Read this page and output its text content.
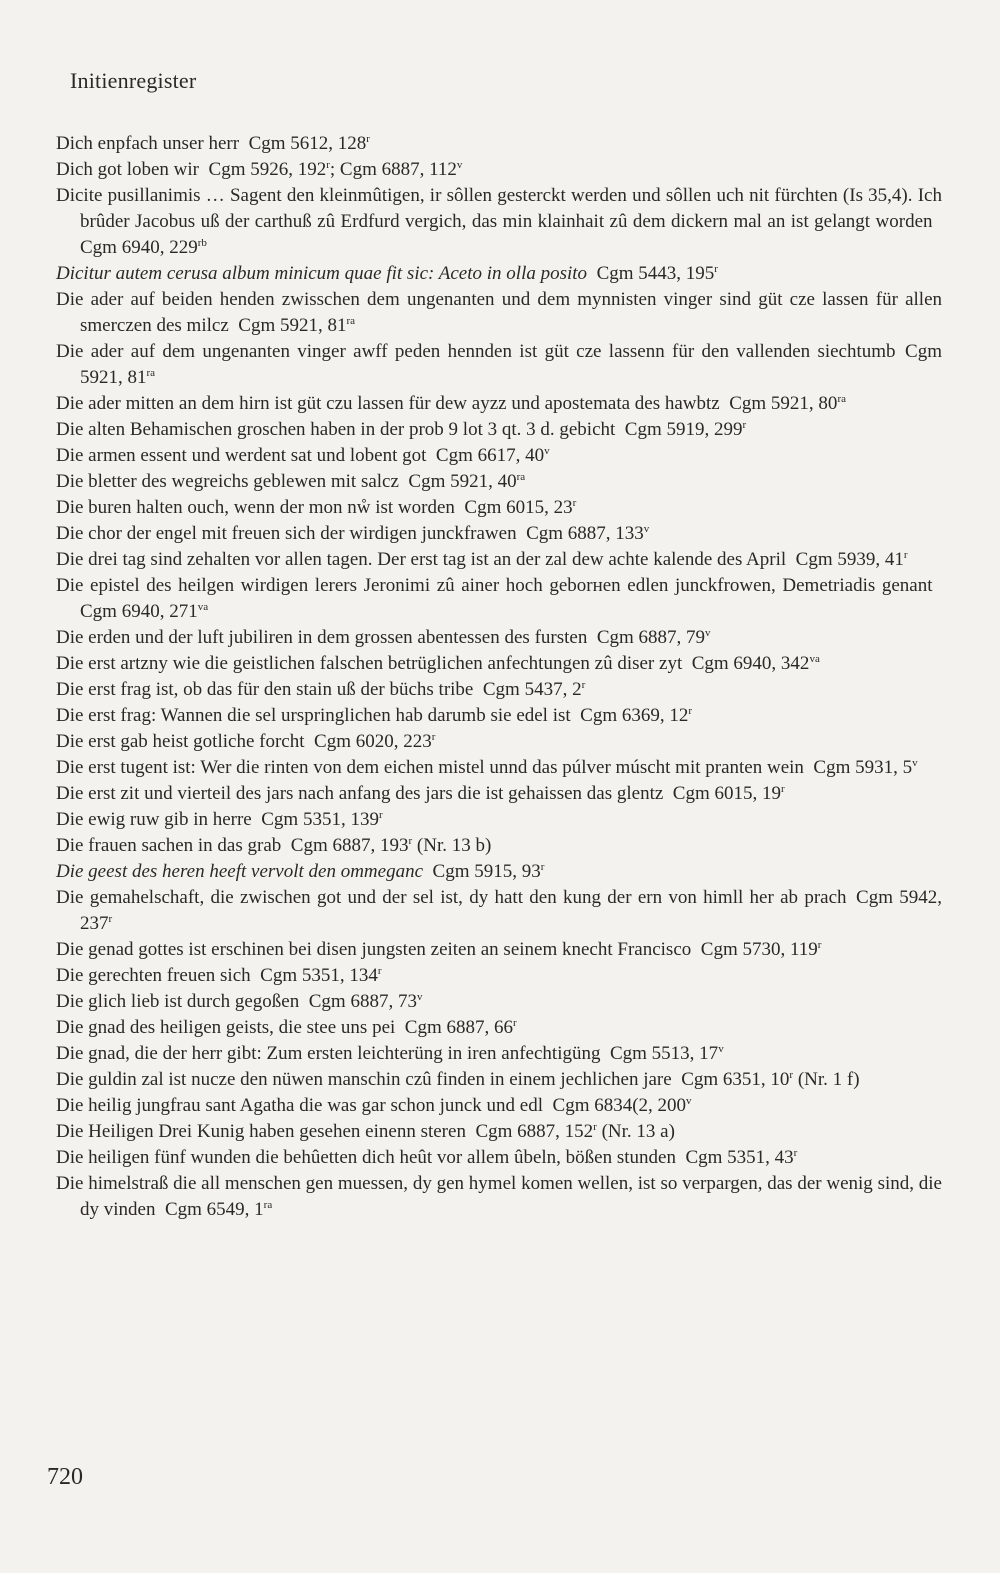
Initienregister
Dich enpfach unser herr  Cgm 5612, 128$^r$
Dich got loben wir  Cgm 5926, 192$^r$; Cgm 6887, 112$^v$
Dicite pusillanimis … Sagent den kleinmûtigen, ir sôllen gesterckt werden und sôllen uch nit fürchten (Is 35,4). Ich brûder Jacobus uß der carthuß zû Erdfurd vergich, das min klainhait zû dem dickern mal an ist gelangt worden Cgm 6940, $229^{rb}$
Dicitur autem cerusa album minicum quae fit sic: Aceto in olla posito  Cgm 5443, 195$^r$
Die ader auf beiden henden zwisschen dem ungenanten und dem mynnisten vinger sind güt cze lassen für allen smerczen des milcz  Cgm 5921, $81^{ra}$
Die ader auf dem ungenanten vinger awff peden hennden ist güt cze lassenn für den vallenden siechtumb  Cgm 5921, $81^{ra}$
Die ader mitten an dem hirn ist güt czu lassen für dew ayzz und apostemata des hawbtz  Cgm 5921, $80^{ra}$
Die alten Behamischen groschen haben in der prob 9 lot 3 qt. 3 d. gebicht  Cgm 5919, 299$^r$
Die armen essent und werdent sat und lobent got  Cgm 6617, 40$^v$
Die bletter des wegreichs geblewen mit salcz  Cgm 5921, $40^{ra}$
Die buren halten ouch, wenn der mon nẘ ist worden  Cgm 6015, 23$^r$
Die chor der engel mit freuen sich der wirdigen junckfrawen  Cgm 6887, 133$^v$
Die drei tag sind zehalten vor allen tagen. Der erst tag ist an der zal dew achte kalende des April  Cgm 5939, 41$^r$
Die epistel des heilgen wirdigen lerers Jeronimi zû ainer hoch geborнen edlen junckfrowen, Demetriadis genant Cgm 6940, $271^{va}$
Die erden und der luft jubiliren in dem grossen abentessen des fursten  Cgm 6887, 79$^v$
Die erst artzny wie die geistlichen falschen betrüglichen anfechtungen zû diser zyt  Cgm 6940, $342^{va}$
Die erst frag ist, ob das für den stain uß der büchs tribe  Cgm 5437, 2$^r$
Die erst frag: Wannen die sel urspringlichen hab darumb sie edel ist  Cgm 6369, 12$^r$
Die erst gab heist gotliche forcht  Cgm 6020, 223$^r$
Die erst tugent ist: Wer die rinten von dem eichen mistel unnd das púlver múscht mit pranten wein  Cgm 5931, 5$^v$
Die erst zit und vierteil des jars nach anfang des jars die ist gehaissen das glentz  Cgm 6015, 19$^r$
Die ewig ruw gib in herre  Cgm 5351, 139$^r$
Die frauen sachen in das grab  Cgm 6887, 193$^r$ (Nr. 13 b)
Die geest des heren heeft vervolt den ommeganc  Cgm 5915, 93$^r$
Die gemahelschaft, die zwischen got und der sel ist, dy hatt den kung der ern von himll her ab prach  Cgm 5942, 237$^r$
Die genad gottes ist erschinen bei disen jungsten zeiten an seinem knecht Francisco  Cgm 5730, 119$^r$
Die gerechten freuen sich  Cgm 5351, 134$^r$
Die glich lieb ist durch gegoßen  Cgm 6887, 73$^v$
Die gnad des heiligen geists, die stee uns pei  Cgm 6887, 66$^r$
Die gnad, die der herr gibt: Zum ersten leichterüng in iren anfechtigüng  Cgm 5513, 17$^v$
Die guldin zal ist nucze den nüwen manschin czû finden in einem jechlichen jare  Cgm 6351, 10$^r$ (Nr. 1 f)
Die heilig jungfrau sant Agatha die was gar schon junck und edl  Cgm 6834(2, 200$^v$
Die Heiligen Drei Kunig haben gesehen einenn steren  Cgm 6887, 152$^r$ (Nr. 13 a)
Die heiligen fünf wunden die behûetten dich heût vor allem ûbeln, bößen stunden  Cgm 5351, 43$^r$
Die himelstraß die all menschen gen muessen, dy gen hymel komen wellen, ist so verpargen, das der wenig sind, die dy vinden  Cgm 6549, $1^{ra}$
720
